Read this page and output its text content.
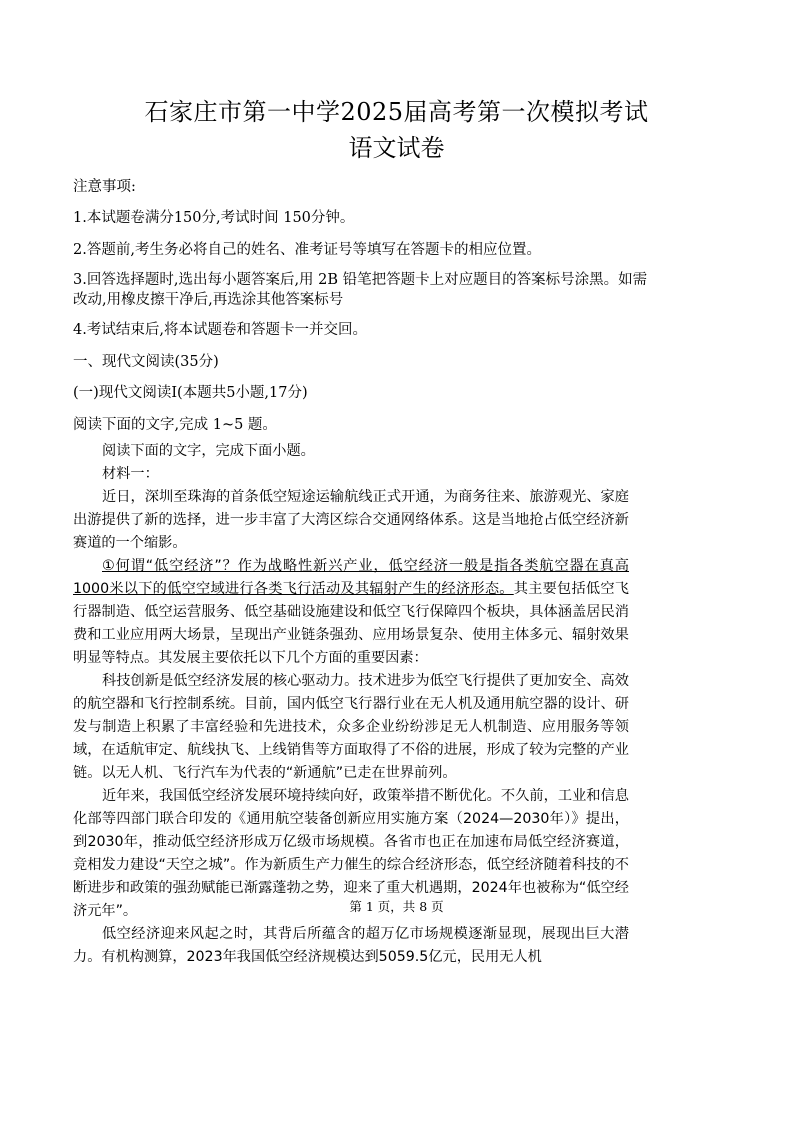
石家庄市第一中学2025届高考第一次模拟考试
语文试卷
注意事项:
1.本试题卷满分150分,考试时间 150分钟。
2.答题前,考生务必将自己的姓名、准考证号等填写在答题卡的相应位置。
3.回答选择题时,选出每小题答案后,用 2B 铅笔把答题卡上对应题目的答案标号涂黑。如需
改动,用橡皮擦干净后,再选涂其他答案标号
4.考试结束后,将本试题卷和答题卡一并交回。
一、现代文阅读(35分)
(一)现代文阅读I(本题共5小题,17分)
阅读下面的文字,完成 1~5 题。

阅读下面的文字，完成下面小题。

材料一：

近日，深圳至珠海的首条低空短途运输航线正式开通，为商务往来、旅游观光、家庭出游提供了新的选择，进一步丰富了大湾区综合交通网络体系。这是当地抢占低空经济新赛道的一个缩影。

①何谓“低空经济”？作为战略性新兴产业，低空经济一般是指各类航空器在真高1000米以下的低空空域进行各类飞行活动及其辐射产生的经济形态。其主要包括低空飞行器制造、低空运营服务、低空基础设施建设和低空飞行保障四个板块，具体涵盖居民消费和工业应用两大场景，呈现出产业链条强劲、应用场景复杂、使用主体多元、辐射效果明显等特点。其发展主要依托以下几个方面的重要因素：

科技创新是低空经济发展的核心驱动力。技术进步为低空飞行提供了更加安全、高效的航空器和飞行控制系统。目前，国内低空飞行器行业在无人机及通用航空器的设计、研发与制造上积累了丰富经验和先进技术，众多企业纷纷涉足无人机制造、应用服务等领域，在适航审定、航线执飞、上线销售等方面取得了不俗的进展，形成了较为完整的产业链。以无人机、飞行汽车为代表的“新通航”已走在世界前列。

近年来，我国低空经济发展环境持续向好，政策举措不断优化。不久前，工业和信息化部等四部门联合印发的《通用航空装备创新应用实施方案（2024—2030年）》提出，到2030年，推动低空经济形成万亿级市场规模。各省市也正在加速布局低空经济赛道，竞相发力建设“天空之城”。作为新质生产力催生的综合经济形态，低空经济随着科技的不断进步和政策的强劲赋能已渐露蓬勃之势，迎来了重大机遇期，2024年也被称为“低空经济元年”。

低空经济迎来风起之时，其背后所蕴含的超万亿市场规模逐渐显现，展现出巨大潜力。有机构测算，2023年我国低空经济规模达到5059.5亿元，民用无人机

第 1 页，共 8 页
